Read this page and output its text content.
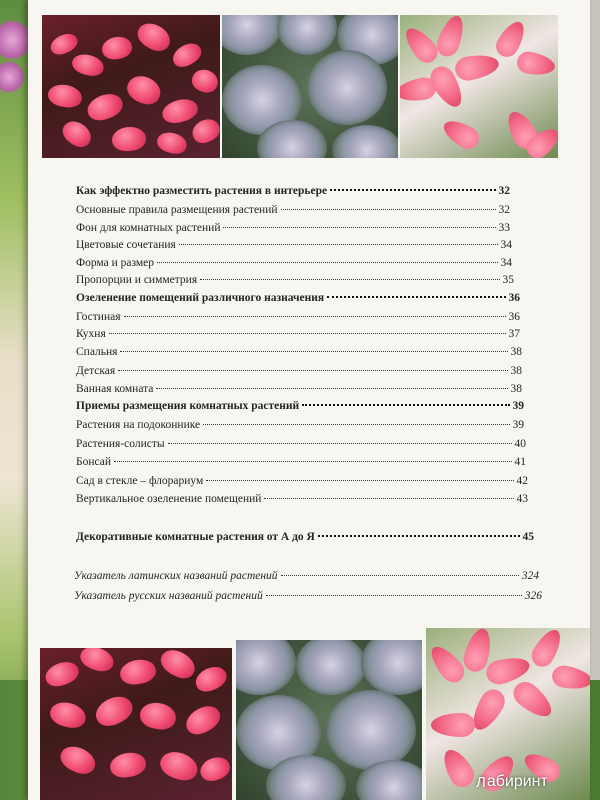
Как эффектно разместить растения в интерьере	32
Основные правила размещения растений	32
Фон для комнатных растений	33
Цветовые сочетания	34
Форма и размер	34
Пропорции и симметрия	35
Озеленение помещений различного назначения	36
Гостиная	36
Кухня	37
Спальня	38
Детская	38
Ванная комната	38
Приемы размещения комнатных растений	39
Растения на подоконнике	39
Растения-солисты	40
Бонсай	41
Сад в стекле – флорариум	42
Вертикальное озеленение помещений	43
Декоративные комнатные растения от А до Я	45
Указатель латинских названий растений	324
Указатель русских названий растений	326
Л абиринт
